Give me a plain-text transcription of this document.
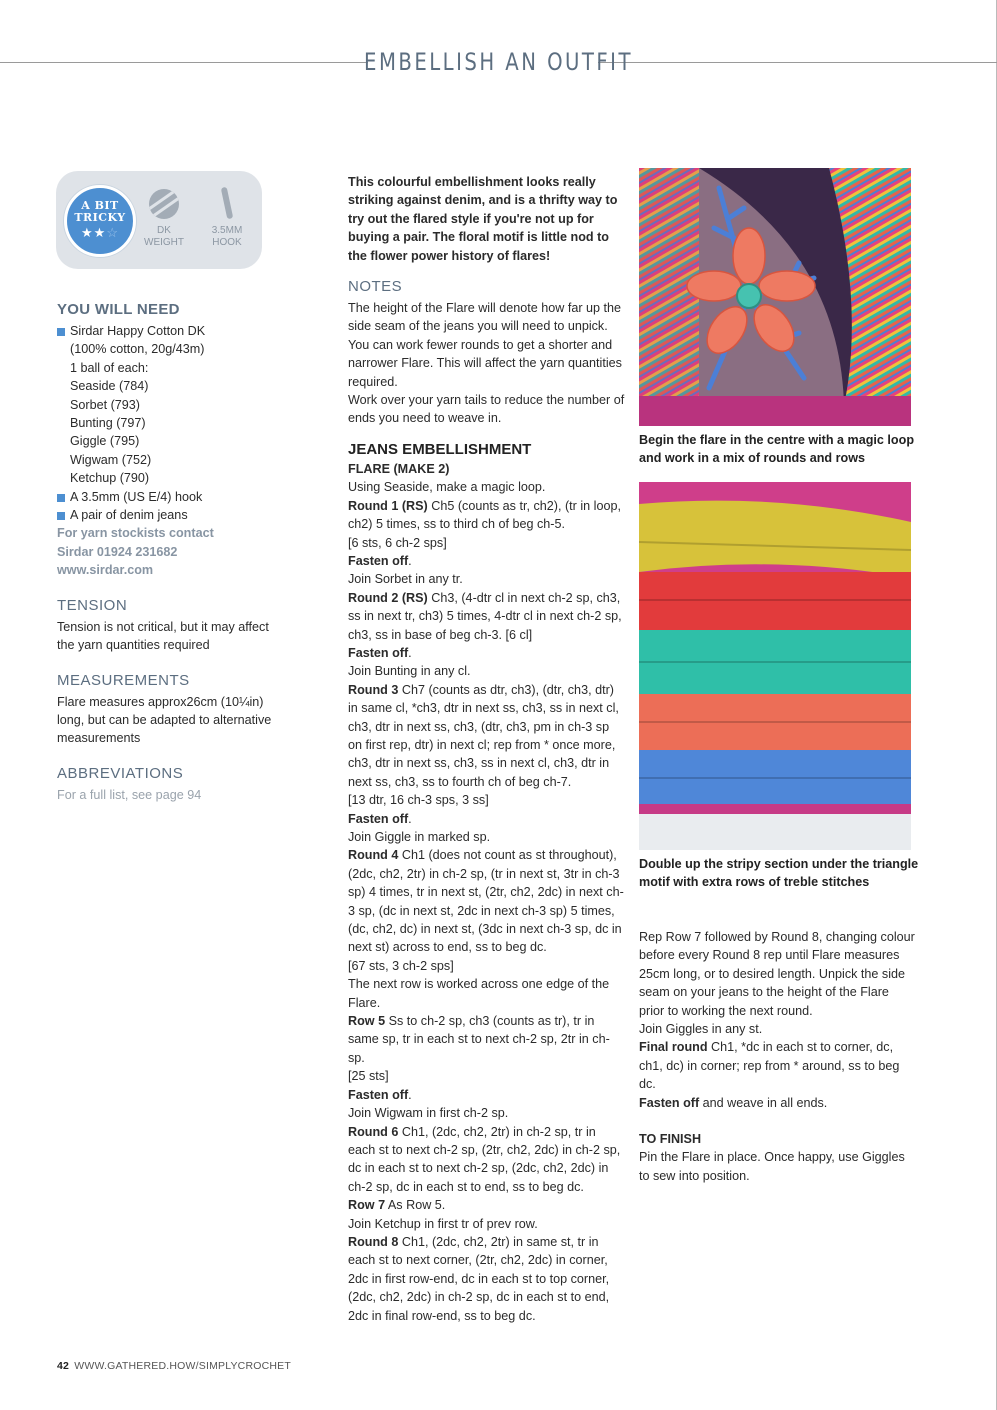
EMBELLISH AN OUTFIT
A BIT
TRICKY
★★☆	DK
WEIGHT
3.5MM
HOOK
YOU WILL NEED
Sirdar Happy Cotton DK
(100% cotton, 20g/43m)
1 ball of each:
Seaside (784)
Sorbet (793)
Bunting (797)
Giggle (795)
Wigwam (752)
Ketchup (790)
A 3.5mm (US E/4) hook
A pair of denim jeans
For yarn stockists contact
Sirdar 01924 231682
www.sirdar.com
TENSION

Tension is not critical, but it may affect the yarn quantities required

MEASUREMENTS

Flare measures approx26cm (10¼in) long, but can be adapted to alternative measurements

ABBREVIATIONS

For a full list, see page 94

This colourful embellishment looks really striking against denim, and is a thrifty way to try out the flared style if you're not up for buying a pair. The floral motif is little nod to the flower power history of flares!

NOTES

The height of the Flare will denote how far up the side seam of the jeans you will need to unpick. You can work fewer rounds to get a shorter and narrower Flare. This will affect the yarn quantities required.

Work over your yarn tails to reduce the number of ends you need to weave in.

JEANS EMBELLISHMENT
FLARE (MAKE 2)

Using Seaside, make a magic loop.

Round 1 (RS) Ch5 (counts as tr, ch2), (tr in loop, ch2) 5 times, ss to third ch of beg ch-5.

[6 sts, 6 ch-2 sps]

Fasten off.

Join Sorbet in any tr.

Round 2 (RS) Ch3, (4-dtr cl in next ch-2 sp, ch3, ss in next tr, ch3) 5 times, 4-dtr cl in next ch-2 sp, ch3, ss in base of beg ch-3. [6 cl]

Fasten off.

Join Bunting in any cl.

Round 3 Ch7 (counts as dtr, ch3), (dtr, ch3, dtr) in same cl, *ch3, dtr in next ss, ch3, ss in next cl, ch3, dtr in next ss, ch3, (dtr, ch3, pm in ch-3 sp on first rep, dtr) in next cl; rep from * once more, ch3, dtr in next ss, ch3, ss in next cl, ch3, dtr in next ss, ch3, ss to fourth ch of beg ch-7.

[13 dtr, 16 ch-3 sps, 3 ss]

Fasten off.

Join Giggle in marked sp.

Round 4 Ch1 (does not count as st throughout), (2dc, ch2, 2tr) in ch-2 sp, (tr in next st, 3tr in ch-3 sp) 4 times, tr in next st, (2tr, ch2, 2dc) in next ch-3 sp, (dc in next st, 2dc in next ch-3 sp) 5 times, (dc, ch2, dc) in next st, (3dc in next ch-3 sp, dc in next st) across to end, ss to beg dc.

[67 sts, 3 ch-2 sps]

The next row is worked across one edge of the Flare.

Row 5 Ss to ch-2 sp, ch3 (counts as tr), tr in same sp, tr in each st to next ch-2 sp, 2tr in ch-sp.

[25 sts]

Fasten off.

Join Wigwam in first ch-2 sp.

Round 6 Ch1, (2dc, ch2, 2tr) in ch-2 sp, tr in each st to next ch-2 sp, (2tr, ch2, 2dc) in ch-2 sp, dc in each st to next ch-2 sp, (2dc, ch2, 2dc) in ch-2 sp, dc in each st to end, ss to beg dc.

Row 7 As Row 5.

Join Ketchup in first tr of prev row.

Round 8 Ch1, (2dc, ch2, 2tr) in same st, tr in each st to next corner, (2tr, ch2, 2dc) in corner, 2dc in first row-end, dc in each st to top corner, (2dc, ch2, 2dc) in ch-2 sp, dc in each st to end, 2dc in final row-end, ss to beg dc.

Begin the flare in the centre with a magic loop and work in a mix of rounds and rows
Double up the stripy section under the triangle motif with extra rows of treble stitches

Rep Row 7 followed by Round 8, changing colour before every Round 8 rep until Flare measures 25cm long, or to desired length. Unpick the side seam on your jeans to the height of the Flare prior to working the next round.

Join Giggles in any st.

Final round Ch1, *dc in each st to corner, dc, ch1, dc) in corner; rep from * around, ss to beg dc.

Fasten off and weave in all ends.

TO FINISH

Pin the Flare in place. Once happy, use Giggles to sew into position.

42 WWW.GATHERED.HOW/SIMPLYCROCHET
